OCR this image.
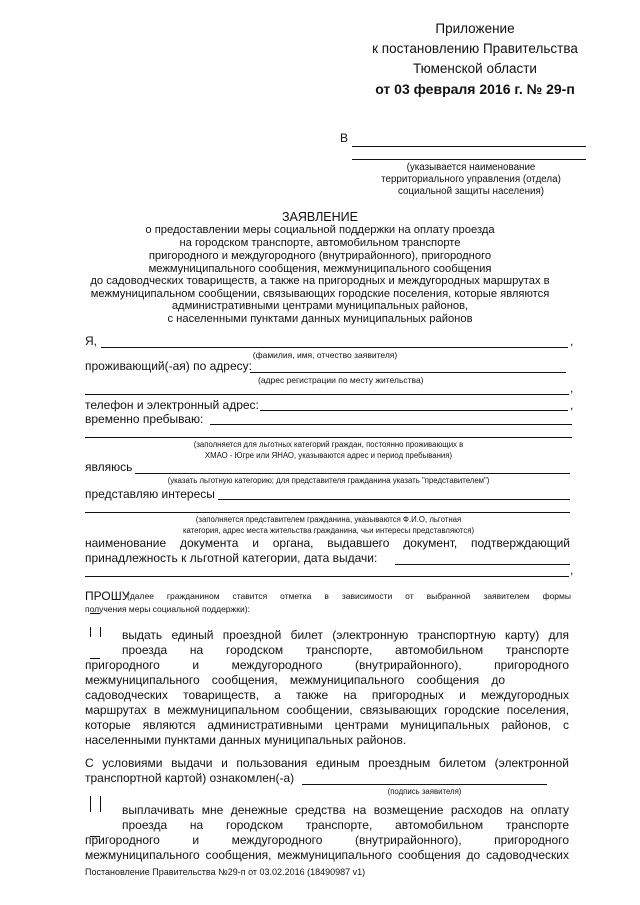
Приложение
к постановлению Правительства
Тюменской области
от 03 февраля 2016 г. № 29-п
В
(указывается наименование
территориального управления (отдела)
социальной защиты населения)
ЗАЯВЛЕНИЕ
о предоставлении меры социальной поддержки на оплату проезда
на городском транспорте, автомобильном транспорте
пригородного и междугородного (внутрирайонного), пригородного
межмуниципального сообщения, межмуниципального сообщения
до садоводческих товариществ, а также на пригородных и междугородных маршрутах в
межмуниципальном сообщении, связывающих городские поселения, которые являются
административными центрами муниципальных районов,
с населенными пунктами данных муниципальных районов
Я,	,
(фамилия, имя, отчество заявителя)
проживающий(-ая) по адресу:
(адрес регистрации по месту жительства)
,
телефон и электронный адрес:	,
временно пребываю:
(заполняется для льготных категорий граждан, постоянно проживающих в
ХМАО - Югре или ЯНАО, указываются адрес и период пребывания)
являюсь
(указать льготную категорию; для представителя гражданина указать "представителем")
представляю интересы
(заполняется представителем гражданина, указываются Ф.И.О, льготная
категория, адрес места жительства гражданина, чьи интересы представляются)
наименование документа и органа, выдавшего документ, подтверждающий
принадлежность к льготной категории, дата выдачи:
,
ПРОШУ
(далее гражданином ставится отметка в зависимости от выбранной заявителем формы
получения меры социальной поддержки):
выдать единый проездной билет (электронную транспортную карту) для
проезда на городском транспорте, автомобильном транспорте
пригородного и междугородного (внутрирайонного), пригородного
межмуниципального сообщения, межмуниципального сообщения до
садоводческих товариществ, а также на пригородных и междугородных
маршрутах в межмуниципальном сообщении, связывающих городские поселения,
которые являются административными центрами муниципальных районов, с
населенными пунктами данных муниципальных районов.
С условиями выдачи и пользования единым проездным билетом (электронной
транспортной картой) ознакомлен(-а)
(подпись заявителя)
выплачивать мне денежные средства на возмещение расходов на оплату
проезда на городском транспорте, автомобильном транспорте
пригородного и междугородного (внутрирайонного), пригородного
межмуниципального сообщения, межмуниципального сообщения до садоводческих
Постановление Правительства №29-п от 03.02.2016 (18490987 v1)
